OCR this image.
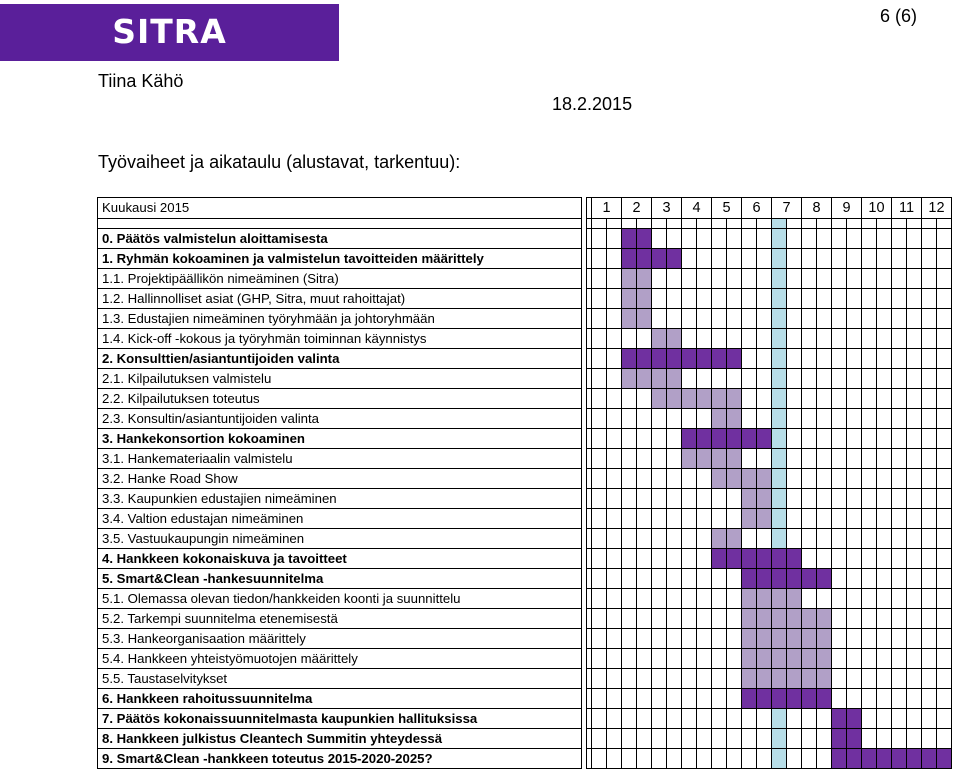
SITRA	6 (6)
Tiina Kähö
18.2.2015
Työvaiheet ja aikataulu (alustavat, tarkentuu):
Kuukausi 2015			1		2		3		4		5		6		7		8		9		10		11		12	

0. Päätös valmistelun aloittamisesta																										
1. Ryhmän kokoaminen ja valmistelun tavoitteiden määrittely																										
1.1. Projektipäällikön nimeäminen (Sitra)																										
1.2. Hallinnolliset asiat (GHP, Sitra, muut rahoittajat)																										
1.3. Edustajien nimeäminen työryhmään ja johtoryhmään																										
1.4. Kick-off -kokous ja työryhmän toiminnan käynnistys																										
2. Konsulttien/asiantuntijoiden valinta																										
2.1. Kilpailutuksen valmistelu																										
2.2. Kilpailutuksen toteutus																										
2.3. Konsultin/asiantuntijoiden valinta																										
3. Hankekonsortion kokoaminen																										
3.1. Hankemateriaalin valmistelu																										
3.2. Hanke Road Show																										
3.3. Kaupunkien edustajien nimeäminen																										
3.4. Valtion edustajan nimeäminen																										
3.5. Vastuukaupungin nimeäminen																										
4. Hankkeen kokonaiskuva ja tavoitteet																										
5. Smart&Clean -hankesuunnitelma																										
5.1. Olemassa olevan tiedon/hankkeiden koonti ja suunnittelu																										
5.2. Tarkempi suunnitelma etenemisestä																										
5.3. Hankeorganisaation määrittely																										
5.4. Hankkeen yhteistyömuotojen määrittely																										
5.5. Taustaselvitykset																										
6. Hankkeen rahoitussuunnitelma																										
7. Päätös kokonaissuunnitelmasta kaupunkien hallituksissa																										
8. Hankkeen julkistus Cleantech Summitin yhteydessä																										
9. Smart&Clean -hankkeen toteutus 2015-2020-2025?																										
